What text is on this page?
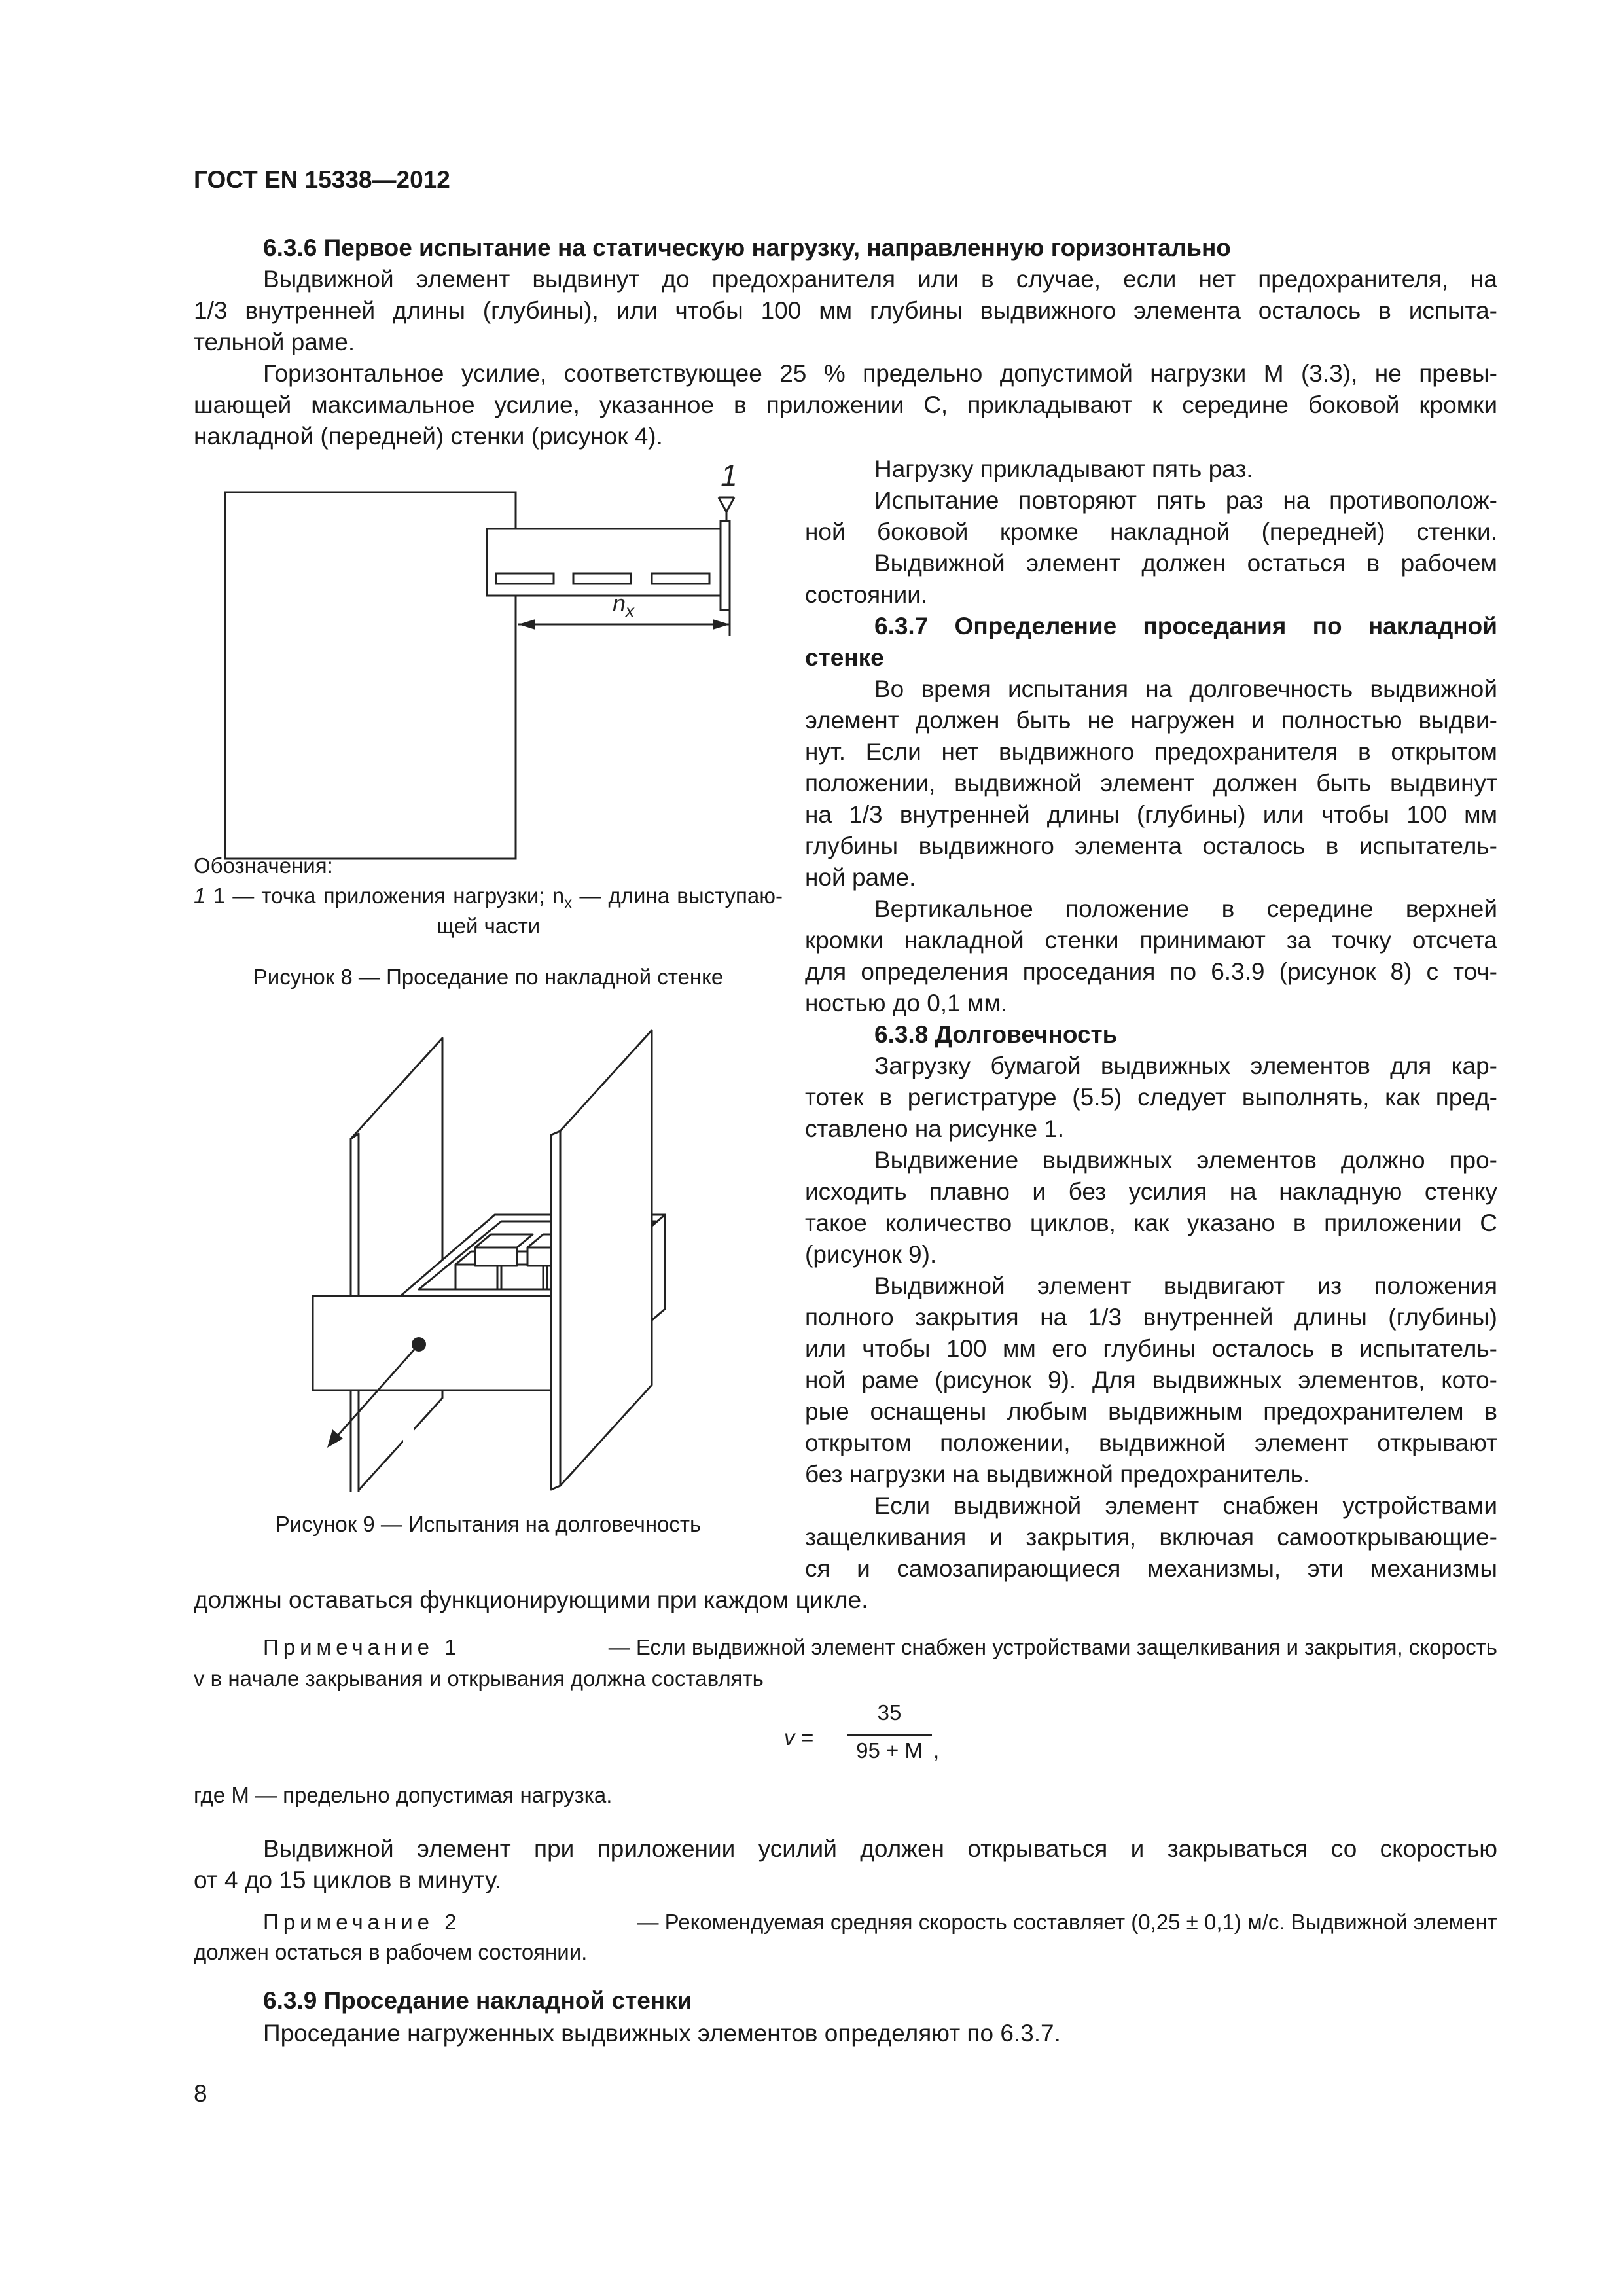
ГОСТ EN 15338—2012
6.3.6 Первое испытание на статическую нагрузку, направленную горизонтально
Выдвижной элемент выдвинут до предохранителя или в случае, если нет предохранителя, на
1/3 внутренней длины (глубины), или чтобы 100 мм глубины выдвижного элемента осталось в испыта-
тельной раме.
Горизонтальное усилие, соответствующее 25 % предельно допустимой нагрузки M (3.3), не превы-
шающей максимальное усилие, указанное в приложении С, прикладывают к середине боковой кромки
накладной (передней) стенки (рисунок 4).
Нагрузку прикладывают пять раз.
Испытание повторяют пять раз на противополож-
ной боковой кромке накладной (передней) стенки.
Выдвижной элемент должен остаться в рабочем
состоянии.
6.3.7 Определение проседания по накладной
стенке
Во время испытания на долговечность выдвижной
элемент должен быть не нагружен и полностью выдви-
нут. Если нет выдвижного предохранителя в открытом
положении, выдвижной элемент должен быть выдвинут
на 1/3 внутренней длины (глубины) или чтобы 100 мм
глубины выдвижного элемента осталось в испытатель-
ной раме.
Вертикальное положение в середине верхней
кромки накладной стенки принимают за точку отсчета
для определения проседания по 6.3.9 (рисунок 8) с точ-
ностью до 0,1 мм.
6.3.8 Долговечность
Загрузку бумагой выдвижных элементов для кар-
тотек в регистратуре (5.5) следует выполнять, как пред-
ставлено на рисунке 1.
Выдвижение выдвижных элементов должно про-
исходить плавно и без усилия на накладную стенку
такое количество циклов, как указано в приложении С
(рисунок 9).
Выдвижной элемент выдвигают из положения
полного закрытия на 1/3 внутренней длины (глубины)
или чтобы 100 мм его глубины осталось в испытатель-
ной раме (рисунок 9). Для выдвижных элементов, кото-
рые оснащены любым выдвижным предохранителем в
открытом положении, выдвижной элемент открывают
без нагрузки на выдвижной предохранитель.
Если выдвижной элемент снабжен устройствами
защелкивания и закрытия, включая самооткрывающие-
ся и самозапирающиеся механизмы, эти механизмы
должны оставаться функционирующими при каждом цикле.
1
$n_x$
Обозначения:
1 1 — точка приложения нагрузки; $n_x$ — длина выступаю-
щей части
Рисунок 8 — Проседание по накладной стенке
Рисунок 9 — Испытания на долговечность
Примечание 1	— Если выдвижной элемент снабжен устройствами защелкивания и закрытия, скорость
v в начале закрывания и открывания должна составлять
v =
35
95 + M ,
где M — предельно допустимая нагрузка.
Выдвижной элемент при приложении усилий должен открываться и закрываться со скоростью
от 4 до 15 циклов в минуту.
Примечание 2	— Рекомендуемая средняя скорость составляет (0,25 ± 0,1) м/с. Выдвижной элемент
должен остаться в рабочем состоянии.
6.3.9 Проседание накладной стенки
Проседание нагруженных выдвижных элементов определяют по 6.3.7.
8
